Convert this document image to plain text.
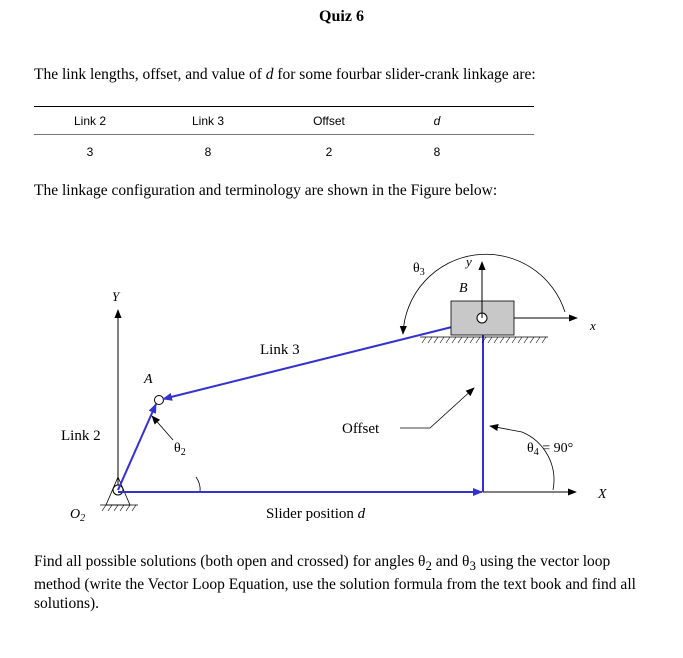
Quiz 6
The link lengths, offset, and value of d for some fourbar slider-crank linkage are:
Link 2	Link 3	Offset	d
3	8	2	8
The linkage configuration and terminology are shown in the Figure below:
Y
X
$O_2$
A
Link 2
$\theta_2$
Link 3
Slider position d
Offset
B
y
x
$\theta_3$
$\theta_4 = 90^\circ$
Find all possible solutions (both open and crossed) for angles $\theta_2$ and $\theta_3$ using the vector loop method (write the Vector Loop Equation, use the solution formula from the text book and find all solutions).
